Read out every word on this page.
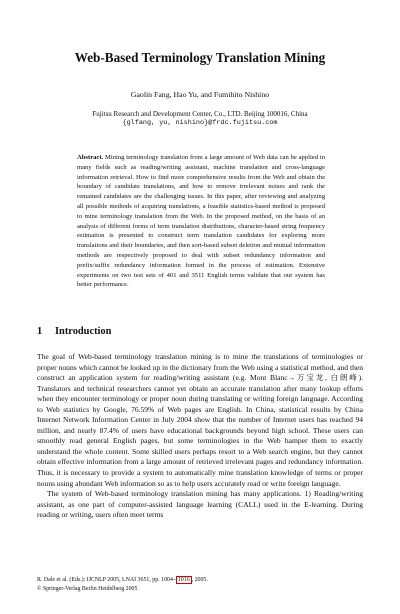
Web-Based Terminology Translation Mining
Gaolin Fang, Hao Yu, and Fumihito Nishino
Fujitsu Research and Development Center, Co., LTD. Beijing 100016, China
{glfang, yu, nishino}@frdc.fujitsu.com
Abstract. Mining terminology translation from a large amount of Web data can be applied in many fields such as reading/writing assistant, machine translation and cross-language information retrieval. How to find more comprehensive results from the Web and obtain the boundary of candidate translations, and how to remove irrelevant noises and rank the remained candidates are the challenging issues. In this paper, after reviewing and analyzing all possible methods of acquiring translations, a feasible statistics-based method is proposed to mine terminology translation from the Web. In the proposed method, on the basis of an analysis of different forms of term translation distributions, character-based string frequency estimation is presented to construct term translation candidates for exploring more translations and their boundaries, and then sort-based subset deletion and mutual information methods are respectively proposed to deal with subset redundancy information and prefix/suffix redundancy information formed in the process of estimation. Extensive experiments on two test sets of 401 and 3511 English terms validate that our system has better performance.
1 Introduction

The goal of Web-based terminology translation mining is to mine the translations of terminologies or proper nouns which cannot be looked up in the dictionary from the Web using a statistical method, and then construct an application system for reading/writing assistant (e.g. Mont Blanc→万宝龙, 白朗峰). Translators and technical researchers cannot yet obtain an accurate translation after many lookup efforts when they encounter terminology or proper noun during translating or writing foreign language. According to Web statistics by Google, 76.59% of Web pages are English. In China, statistical results by China Internet Network Information Center in July 2004 show that the number of Internet users has reached 94 million, and nearly 87.4% of users have educational backgrounds beyond high school. These users can smoothly read general English pages, but some terminologies in the Web hamper them to exactly understand the whole content. Some skilled users perhaps resort to a Web search engine, but they cannot obtain effective information from a large amount of retrieved irrelevant pages and redundancy information. Thus, it is necessary to provide a system to automatically mine translation knowledge of terms or proper nouns using abundant Web information so as to help users accurately read or write foreign language.

The system of Web-based terminology translation mining has many applications. 1) Reading/writing assistant, as one part of computer-assisted language learning (CALL) used in the E-learning. During reading or writing, users often meet terms

R. Dale et al. (Eds.): IJCNLP 2005, LNAI 3651, pp. 1004– 1016 , 2005.
© Springer-Verlag Berlin Heidelberg 2005
